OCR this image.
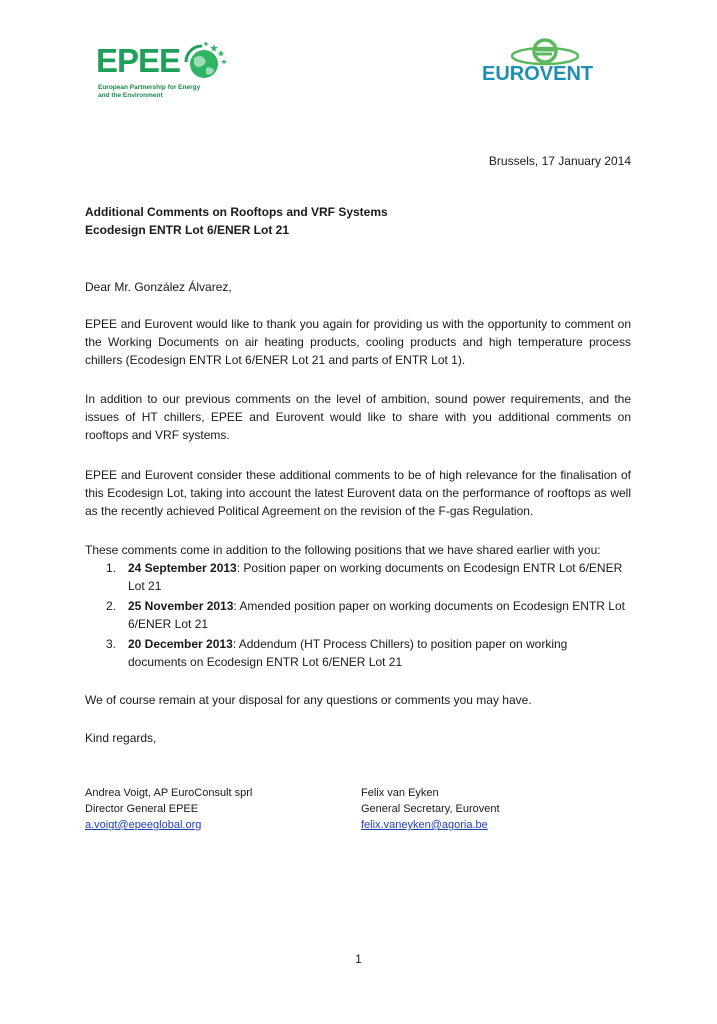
EPEE
European Partnership for Energy and the Environment
EUROVENT
Brussels, 17 January 2014
Additional Comments on Rooftops and VRF Systems
Ecodesign ENTR Lot 6/ENER Lot 21
Dear Mr. González Álvarez,
EPEE and Eurovent would like to thank you again for providing us with the opportunity to comment on the Working Documents on air heating products, cooling products and high temperature process chillers (Ecodesign ENTR Lot 6/ENER Lot 21 and parts of ENTR Lot 1).
In addition to our previous comments on the level of ambition, sound power requirements, and the issues of HT chillers, EPEE and Eurovent would like to share with you additional comments on rooftops and VRF systems.
EPEE and Eurovent consider these additional comments to be of high relevance for the finalisation of this Ecodesign Lot, taking into account the latest Eurovent data on the performance of rooftops as well as the recently achieved Political Agreement on the revision of the F-gas Regulation.
These comments come in addition to the following positions that we have shared earlier with you:
1. 24 September 2013: Position paper on working documents on Ecodesign ENTR Lot 6/ENER Lot 21
2. 25 November 2013: Amended position paper on working documents on Ecodesign ENTR Lot 6/ENER Lot 21
3. 20 December 2013: Addendum (HT Process Chillers) to position paper on working documents on Ecodesign ENTR Lot 6/ENER Lot 21
We of course remain at your disposal for any questions or comments you may have.
Kind regards,
Andrea Voigt, AP EuroConsult sprl
Director General EPEE
a.voigt@epeeglobal.org
Felix van Eyken
General Secretary, Eurovent
felix.vaneyken@agoria.be
1
